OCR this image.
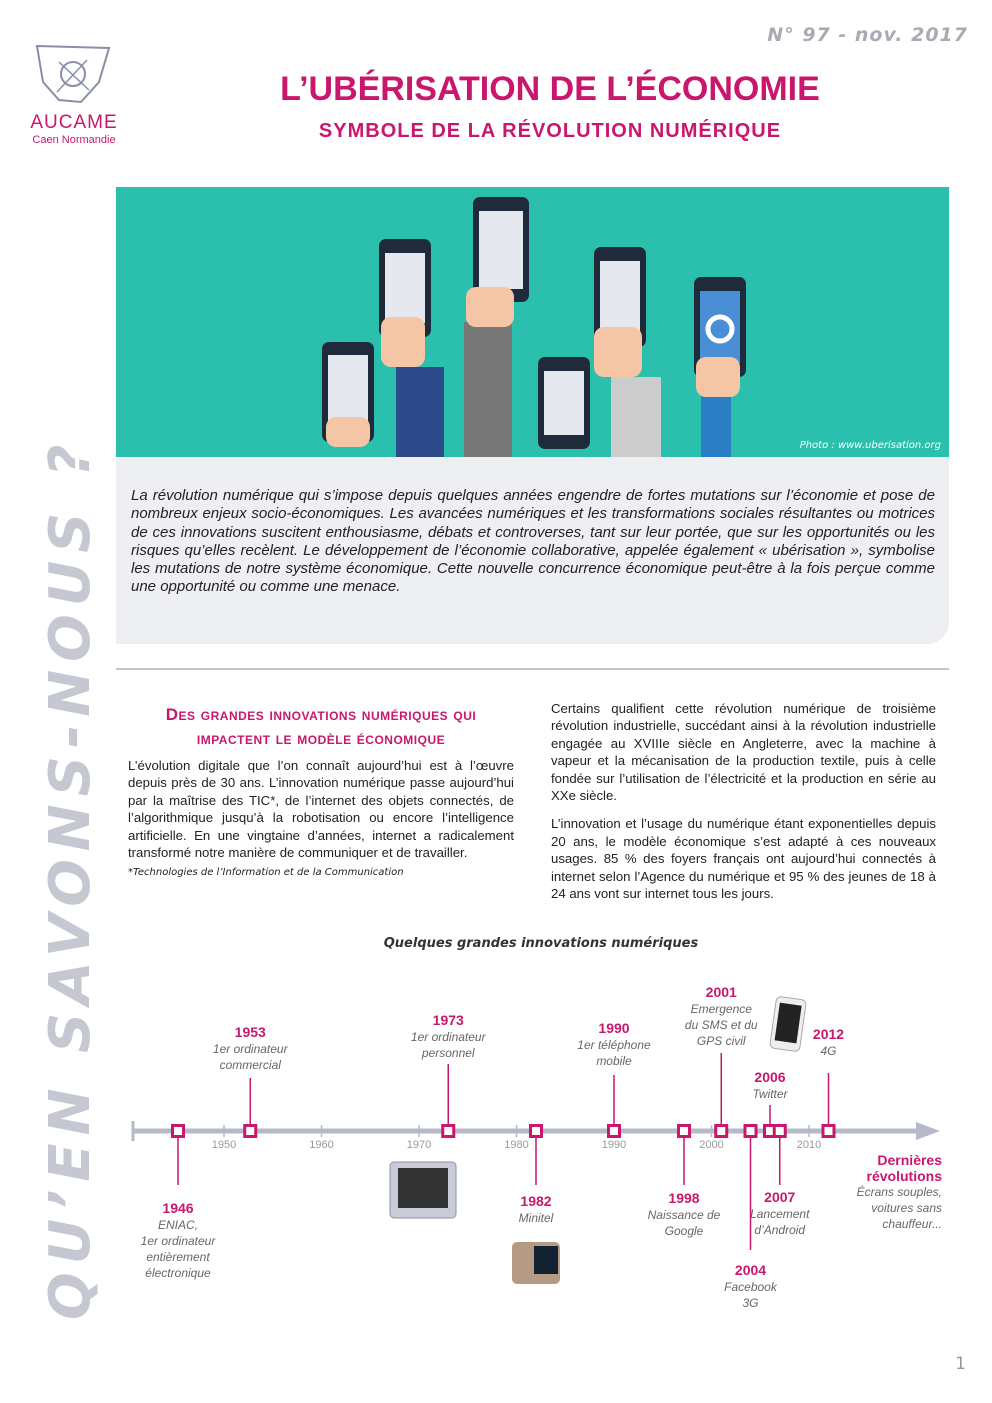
N° 97 - nov. 2017
AUCAME
Caen Normandie
L’UBÉRISATION DE L’ÉCONOMIE
SYMBOLE DE LA RÉVOLUTION NUMÉRIQUE
QU’EN SAVONS-NOUS ?	Photo : www.uberisation.org
La révolution numérique qui s’impose depuis quelques années engendre de fortes mutations sur l’économie et pose de nombreux enjeux socio-économiques. Les avancées numériques et les transformations sociales résultantes ou motrices de ces innovations suscitent enthousiasme, débats et controverses, tant sur leur portée, que sur les opportunités ou les risques qu’elles recèlent. Le développement de l’économie collaborative, appelée également « ubérisation », symbolise les mutations de notre système économique. Cette nouvelle concurrence économique peut-être à la fois perçue comme une opportunité ou comme une menace.
Des grandes innovations numériques qui impactent le modèle économique
L’évolution digitale que l’on connaît aujourd’hui est à l’œuvre depuis près de 30 ans. L’innovation numérique passe aujourd’hui par la maîtrise des TIC*, de l’internet des objets connectés, de l’algorithmique jusqu’à la robotisation ou encore l’intelligence artificielle. En une vingtaine d’années, internet a radicalement transformé notre manière de communiquer et de travailler.
*Technologies de l’Information et de la Communication
Certains qualifient cette révolution numérique de troisième révolution industrielle, succédant ainsi à la révolution industrielle engagée au XVIIIe siècle en Angleterre, avec la machine à vapeur et la mécanisation de la production textile, puis à celle fondée sur l’utilisation de l’électricité et la production en série au XXe siècle.
L’innovation et l’usage du numérique étant exponentielles depuis 20 ans, le modèle économique s’est adapté à ces nouveaux usages. 85 % des foyers français ont aujourd’hui connectés à internet selon l’Agence du numérique et 95 % des jeunes de 18 à 24 ans vont sur internet tous les jours.
Quelques grandes innovations numériques
1950	1960	1970	1980	1990	2000	2010
1946
ENIAC,
1er ordinateur
entièrement
électronique
1953
1er ordinateur
commercial
1973
1er ordinateur
personnel
1982
Minitel
1990
1er téléphone
mobile
1998
Naissance de
Google
2001
Emergence
du SMS et du
GPS civil
2004
Facebook
3G
2006
Twitter
2007
Lancement
d’Android
2012
4G
Dernières révolutions
Écrans souples, voitures sans chauffeur...
1
